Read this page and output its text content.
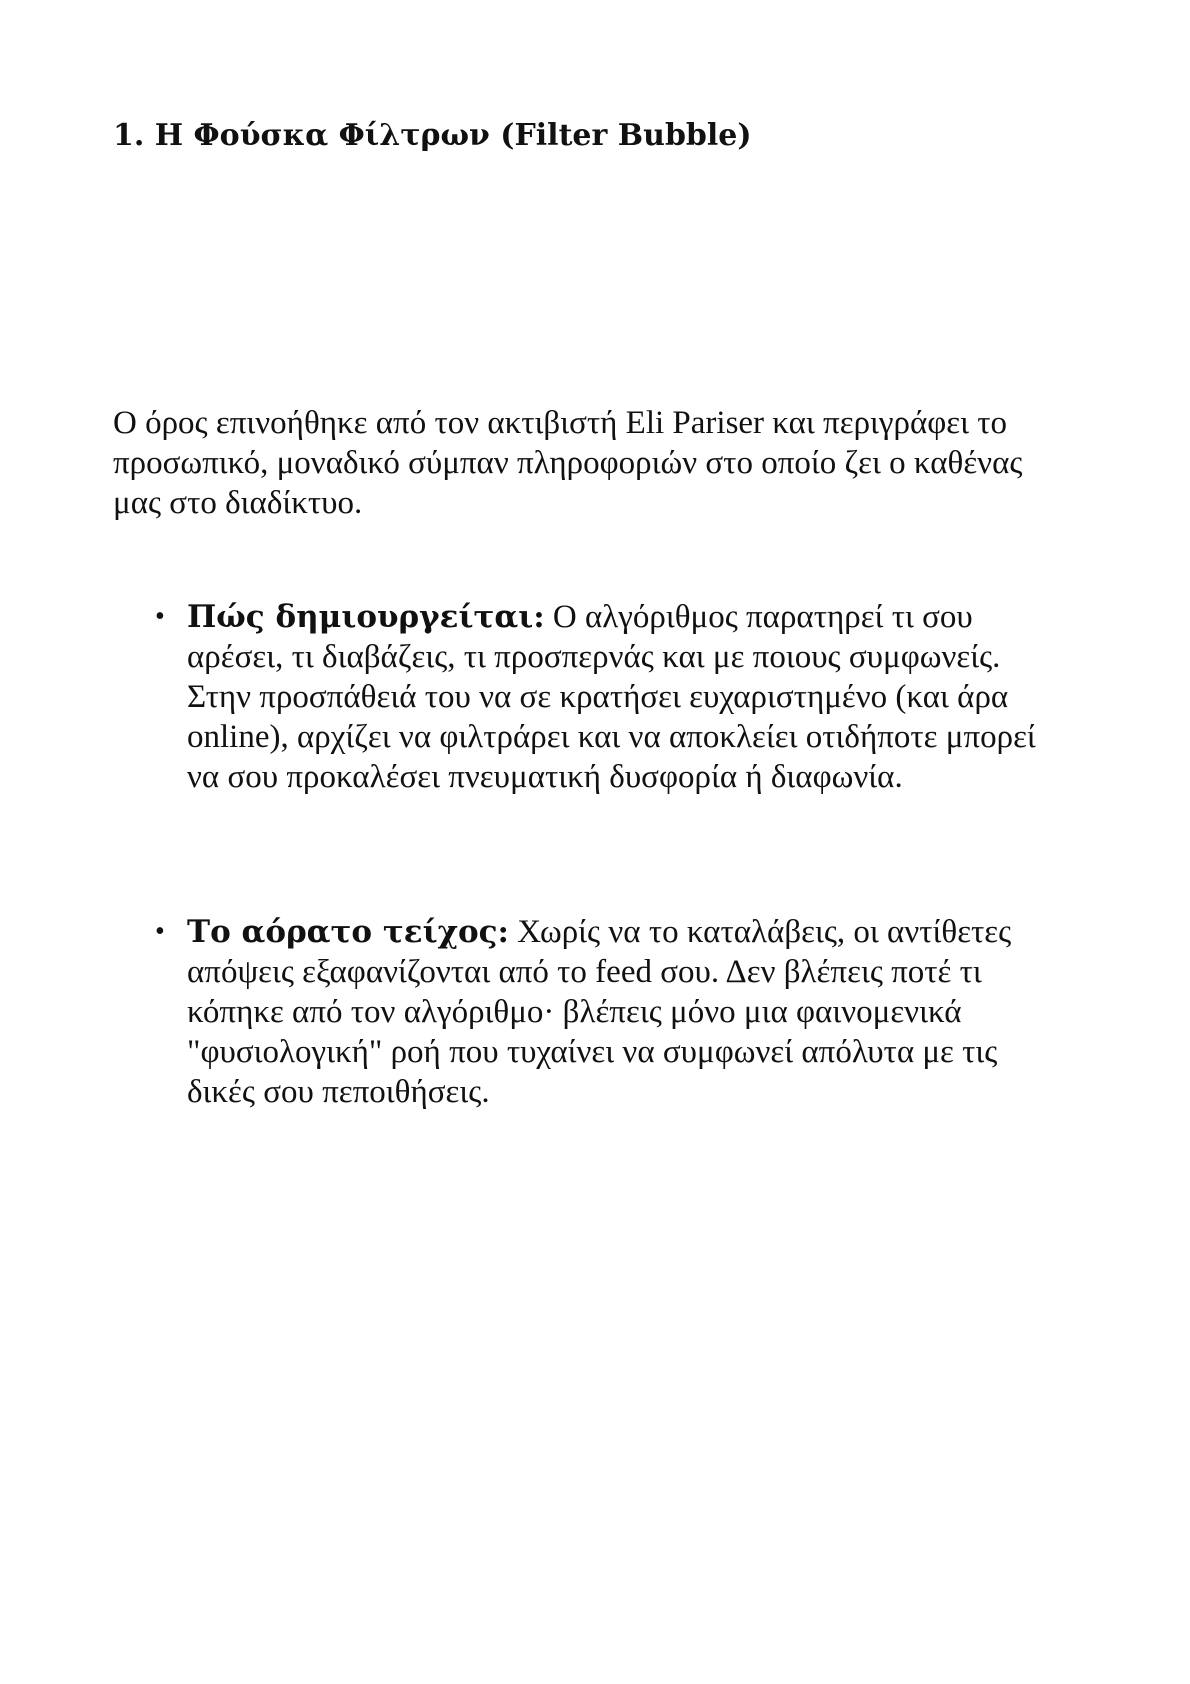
1. Η Φούσκα Φίλτρων (Filter Bubble)

Ο όρος επινοήθηκε από τον ακτιβιστή Eli Pariser και περιγράφει το προσωπικό, μοναδικό σύμπαν πληροφοριών στο οποίο ζει ο καθένας μας στο διαδίκτυο.

• Πώς δημιουργείται: Ο αλγόριθμος παρατηρεί τι σου αρέσει, τι διαβάζεις, τι προσπερνάς και με ποιους συμφωνείς. Στην προσπάθειά του να σε κρατήσει ευχαριστημένο (και άρα online), αρχίζει να φιλτράρει και να αποκλείει οτιδήποτε μπορεί να σου προκαλέσει πνευματική δυσφορία ή διαφωνία.
• Το αόρατο τείχος: Χωρίς να το καταλάβεις, οι αντίθετες απόψεις εξαφανίζονται από το feed σου. Δεν βλέπεις ποτέ τι κόπηκε από τον αλγόριθμο· βλέπεις μόνο μια φαινομενικά "φυσιολογική" ροή που τυχαίνει να συμφωνεί απόλυτα με τις δικές σου πεποιθήσεις.
